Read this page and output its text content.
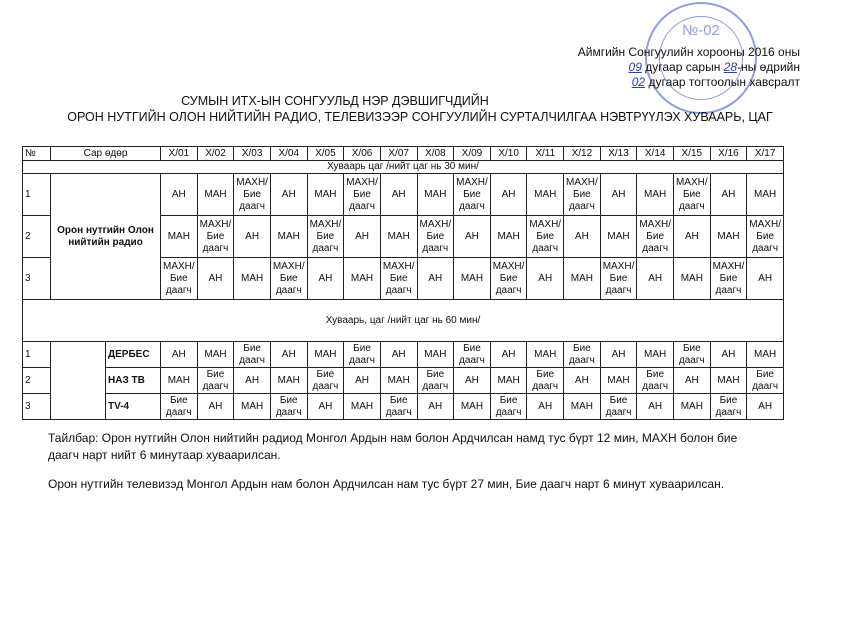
№-02
Аймгийн Сонгуулийн хорооны 2016 оны
09 дугаар сарын 28-ны өдрийн
02 дугаар тогтоолын хавсралт
СУМЫН ИТХ-ЫН СОНГУУЛЬД НЭР ДЭВШИГЧДИЙН
ОРОН НУТГИЙН ОЛОН НИЙТИЙН РАДИО, ТЕЛЕВИЗЭЭР СОНГУУЛИЙН СУРТАЛЧИЛГАА НЭВТРҮҮЛЭХ ХУВААРЬ, ЦАГ
№	Сар өдөр		X/01	X/02	X/03	X/04	X/05	X/06	X/07	X/08	X/09	X/10	X/11	X/12	X/13	X/14	X/15	X/16	X/17
Хуваарь цаг /нийт цаг нь 30 мин/																			
1	Орон нутгийн Олон нийтийн радио		АН	МАН	МАХН/ Бие даагч	АН	МАН	МАХН/ Бие даагч	АН	МАН	МАХН/ Бие даагч	АН	МАН	МАХН/ Бие даагч	АН	МАН	МАХН/ Бие даагч	АН	МАН
2			МАН	МАХН/ Бие даагч	АН	МАН	МАХН/ Бие даагч	АН	МАН	МАХН/ Бие даагч	АН	МАН	МАХН/ Бие даагч	АН	МАН	МАХН/ Бие даагч	АН	МАН	МАХН/ Бие даагч
3			МАХН/ Бие даагч	АН	МАН	МАХН/ Бие даагч	АН	МАН	МАХН/ Бие даагч	АН	МАН	МАХН/ Бие даагч	АН	МАН	МАХН/ Бие даагч	АН	МАН	МАХН/ Бие даагч	АН
Хуваарь, цаг /нийт цаг нь 60 мин/																			
1		ДЕРБЕС	АН	МАН	Бие даагч	АН	МАН	Бие даагч	АН	МАН	Бие даагч	АН	МАН	Бие даагч	АН	МАН	Бие даагч	АН	МАН
2		НАЗ ТВ	МАН	Бие даагч	АН	МАН	Бие даагч	АН	МАН	Бие даагч	АН	МАН	Бие даагч	АН	МАН	Бие даагч	АН	МАН	Бие даагч
3		TV-4	Бие даагч	АН	МАН	Бие даагч	АН	МАН	Бие даагч	АН	МАН	Бие даагч	АН	МАН	Бие даагч	АН	МАН	Бие даагч	АН
Тайлбар: Орон нутгийн Олон нийтийн радиод Монгол Ардын нам болон Ардчилсан намд тус бүрт 12 мин, МАХН болон бие даагч нарт нийт 6 минутаар хуваарилсан.
Орон нутгийн телевизэд Монгол Ардын нам болон Ардчилсан нам тус бүрт 27 мин, Бие даагч нарт 6 минут хуваарилсан.
